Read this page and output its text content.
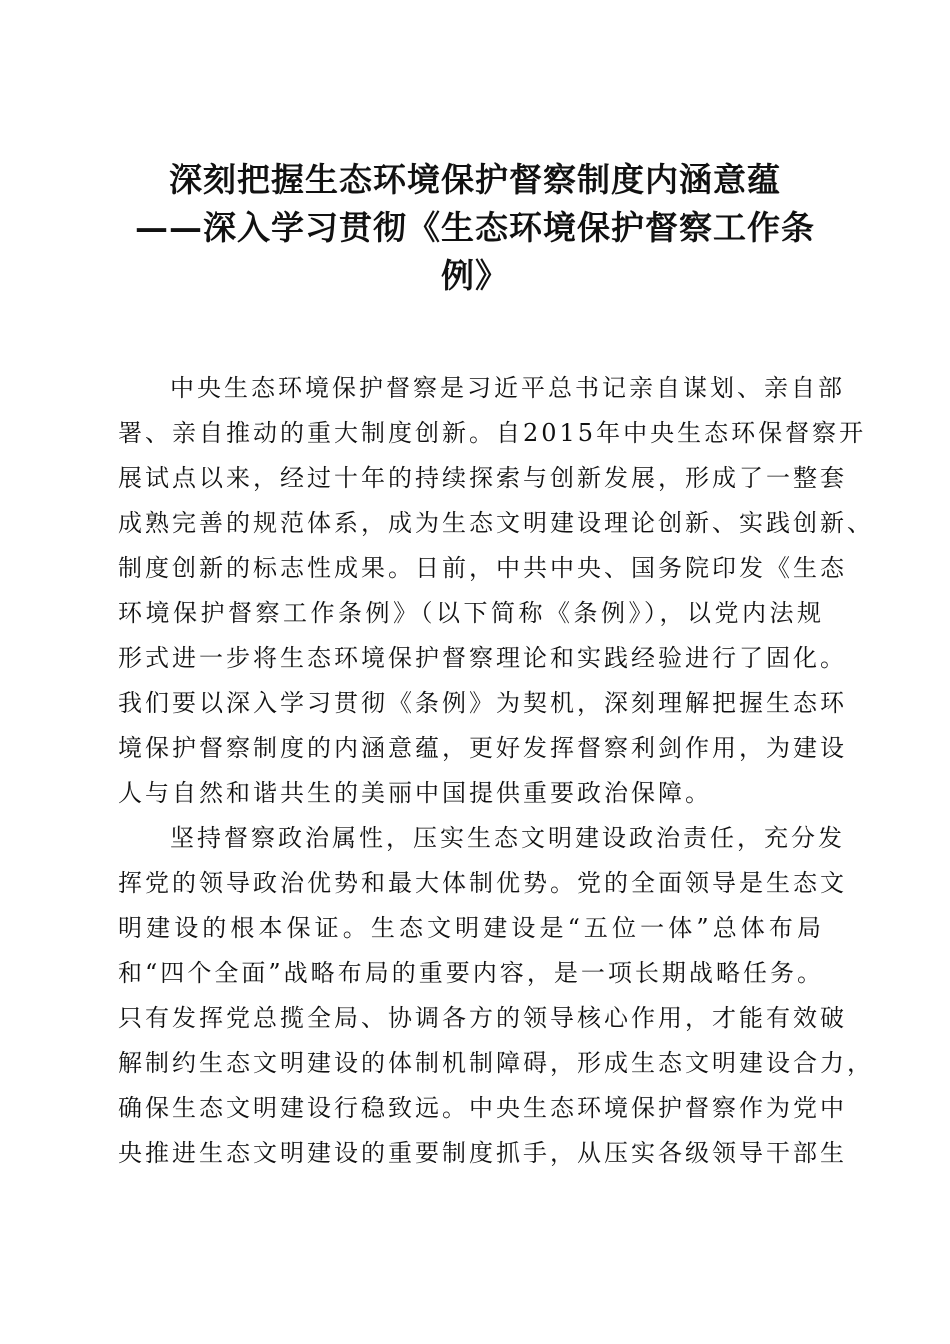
深刻把握生态环境保护督察制度内涵意蕴
——深入学习贯彻《生态环境保护督察工作条
例》
中央生态环境保护督察是习近平总书记亲自谋划、亲自部
署、亲自推动的重大制度创新。自2015年中央生态环保督察开
展试点以来，经过十年的持续探索与创新发展，形成了一整套
成熟完善的规范体系，成为生态文明建设理论创新、实践创新、
制度创新的标志性成果。日前，中共中央、国务院印发《生态
环境保护督察工作条例》（以下简称《条例》），以党内法规
形式进一步将生态环境保护督察理论和实践经验进行了固化。
我们要以深入学习贯彻《条例》为契机，深刻理解把握生态环
境保护督察制度的内涵意蕴，更好发挥督察利剑作用，为建设
人与自然和谐共生的美丽中国提供重要政治保障。
坚持督察政治属性，压实生态文明建设政治责任，充分发
挥党的领导政治优势和最大体制优势。党的全面领导是生态文
明建设的根本保证。生态文明建设是“五位一体”总体布局
和“四个全面”战略布局的重要内容，是一项长期战略任务。
只有发挥党总揽全局、协调各方的领导核心作用，才能有效破
解制约生态文明建设的体制机制障碍，形成生态文明建设合力，
确保生态文明建设行稳致远。中央生态环境保护督察作为党中
央推进生态文明建设的重要制度抓手，从压实各级领导干部生
